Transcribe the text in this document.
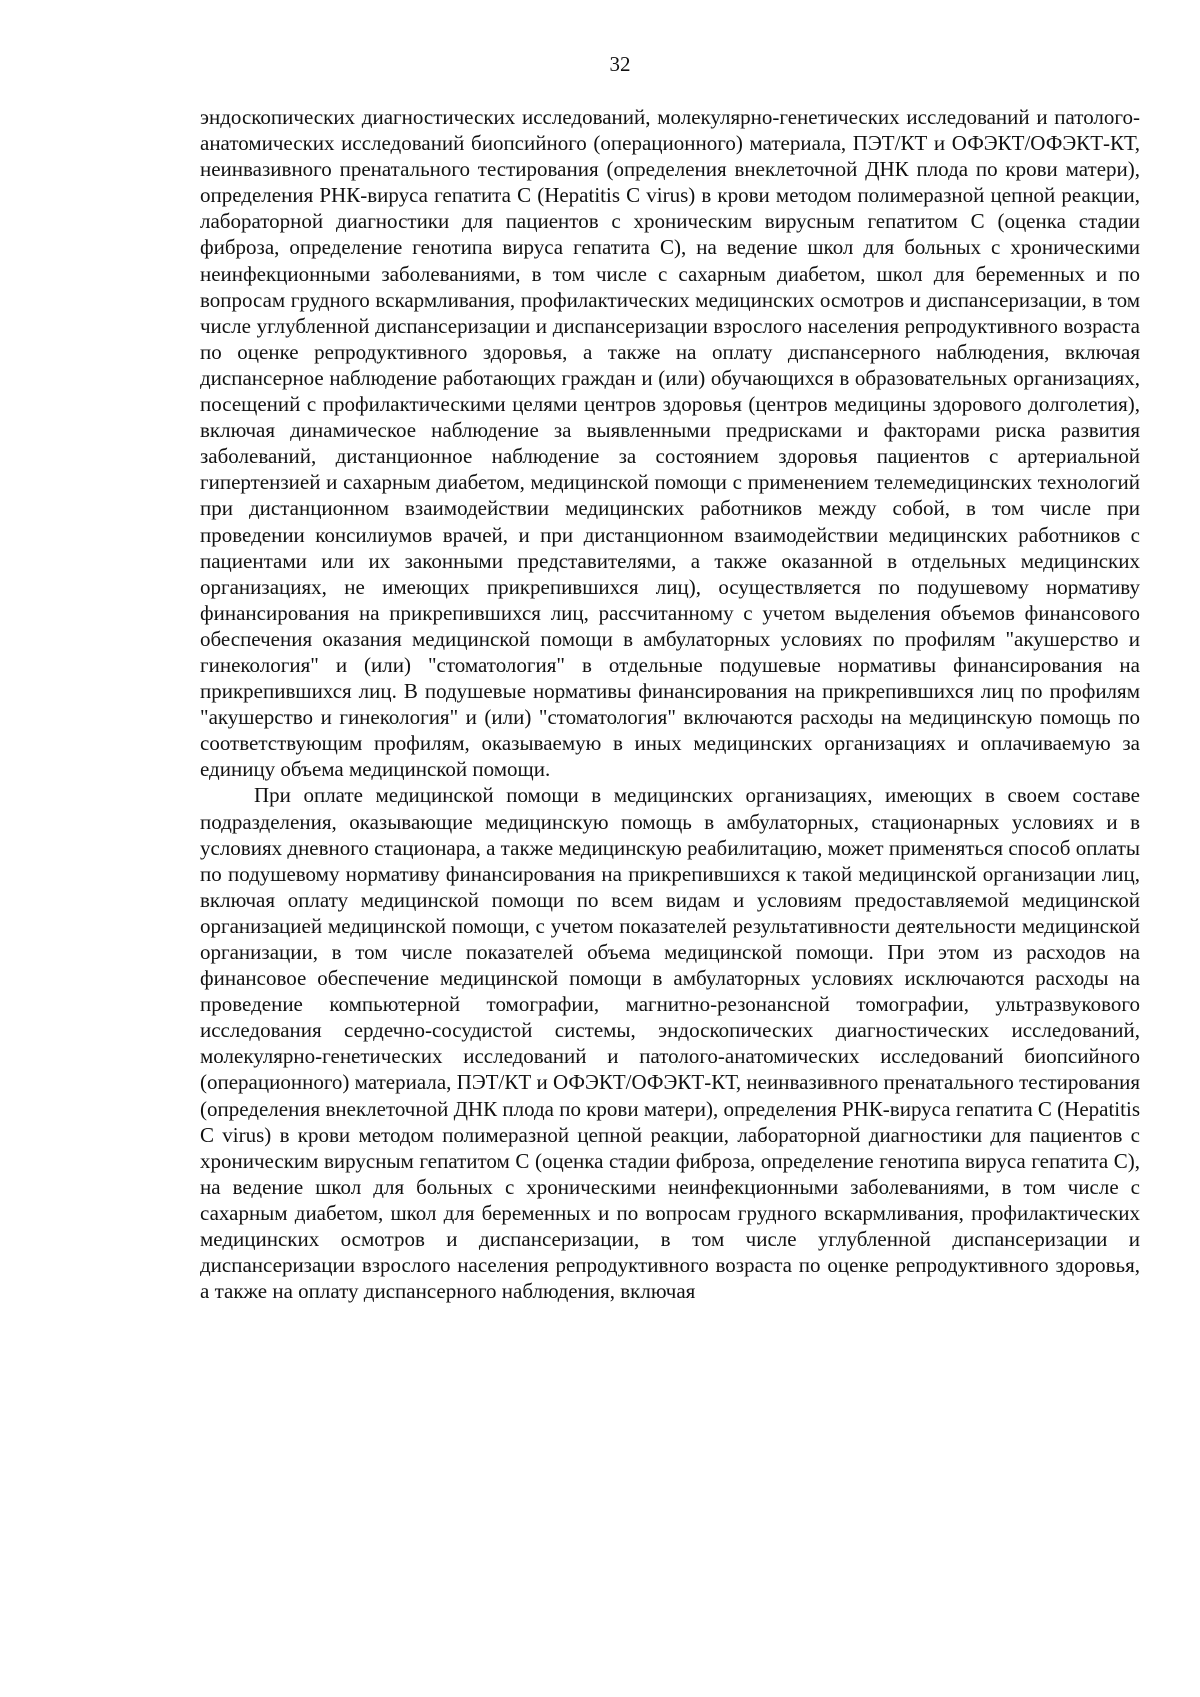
32

эндоскопических диагностических исследований, молекулярно-генетических исследований и патолого-анатомических исследований биопсийного (операционного) материала, ПЭТ/КТ и ОФЭКТ/ОФЭКТ-КТ, неинвазивного пренатального тестирования (определения внеклеточной ДНК плода по крови матери), определения РНК-вируса гепатита C (Hepatitis C virus) в крови методом полимеразной цепной реакции, лабораторной диагностики для пациентов с хроническим вирусным гепатитом C (оценка стадии фиброза, определение генотипа вируса гепатита C), на ведение школ для больных с хроническими неинфекционными заболеваниями, в том числе с сахарным диабетом, школ для беременных и по вопросам грудного вскармливания, профилактических медицинских осмотров и диспансеризации, в том числе углубленной диспансеризации и диспансеризации взрослого населения репродуктивного возраста по оценке репродуктивного здоровья, а также на оплату диспансерного наблюдения, включая диспансерное наблюдение работающих граждан и (или) обучающихся в образовательных организациях, посещений с профилактическими целями центров здоровья (центров медицины здорового долголетия), включая динамическое наблюдение за выявленными предрисками и факторами риска развития заболеваний, дистанционное наблюдение за состоянием здоровья пациентов с артериальной гипертензией и сахарным диабетом, медицинской помощи с применением телемедицинских технологий при дистанционном взаимодействии медицинских работников между собой, в том числе при проведении консилиумов врачей, и при дистанционном взаимодействии медицинских работников с пациентами или их законными представителями, а также оказанной в отдельных медицинских организациях, не имеющих прикрепившихся лиц), осуществляется по подушевому нормативу финансирования на прикрепившихся лиц, рассчитанному с учетом выделения объемов финансового обеспечения оказания медицинской помощи в амбулаторных условиях по профилям "акушерство и гинекология" и (или) "стоматология" в отдельные подушевые нормативы финансирования на прикрепившихся лиц. В подушевые нормативы финансирования на прикрепившихся лиц по профилям "акушерство и гинекология" и (или) "стоматология" включаются расходы на медицинскую помощь по соответствующим профилям, оказываемую в иных медицинских организациях и оплачиваемую за единицу объема медицинской помощи.

При оплате медицинской помощи в медицинских организациях, имеющих в своем составе подразделения, оказывающие медицинскую помощь в амбулаторных, стационарных условиях и в условиях дневного стационара, а также медицинскую реабилитацию, может применяться способ оплаты по подушевому нормативу финансирования на прикрепившихся к такой медицинской организации лиц, включая оплату медицинской помощи по всем видам и условиям предоставляемой медицинской организацией медицинской помощи, с учетом показателей результативности деятельности медицинской организации, в том числе показателей объема медицинской помощи. При этом из расходов на финансовое обеспечение медицинской помощи в амбулаторных условиях исключаются расходы на проведение компьютерной томографии, магнитно-резонансной томографии, ультразвукового исследования сердечно-сосудистой системы, эндоскопических диагностических исследований, молекулярно-генетических исследований и патолого-анатомических исследований биопсийного (операционного) материала, ПЭТ/КТ и ОФЭКТ/ОФЭКТ-КТ, неинвазивного пренатального тестирования (определения внеклеточной ДНК плода по крови матери), определения РНК-вируса гепатита C (Hepatitis C virus) в крови методом полимеразной цепной реакции, лабораторной диагностики для пациентов с хроническим вирусным гепатитом C (оценка стадии фиброза, определение генотипа вируса гепатита C), на ведение школ для больных с хроническими неинфекционными заболеваниями, в том числе с сахарным диабетом, школ для беременных и по вопросам грудного вскармливания, профилактических медицинских осмотров и диспансеризации, в том числе углубленной диспансеризации и диспансеризации взрослого населения репродуктивного возраста по оценке репродуктивного здоровья, а также на оплату диспансерного наблюдения, включая
